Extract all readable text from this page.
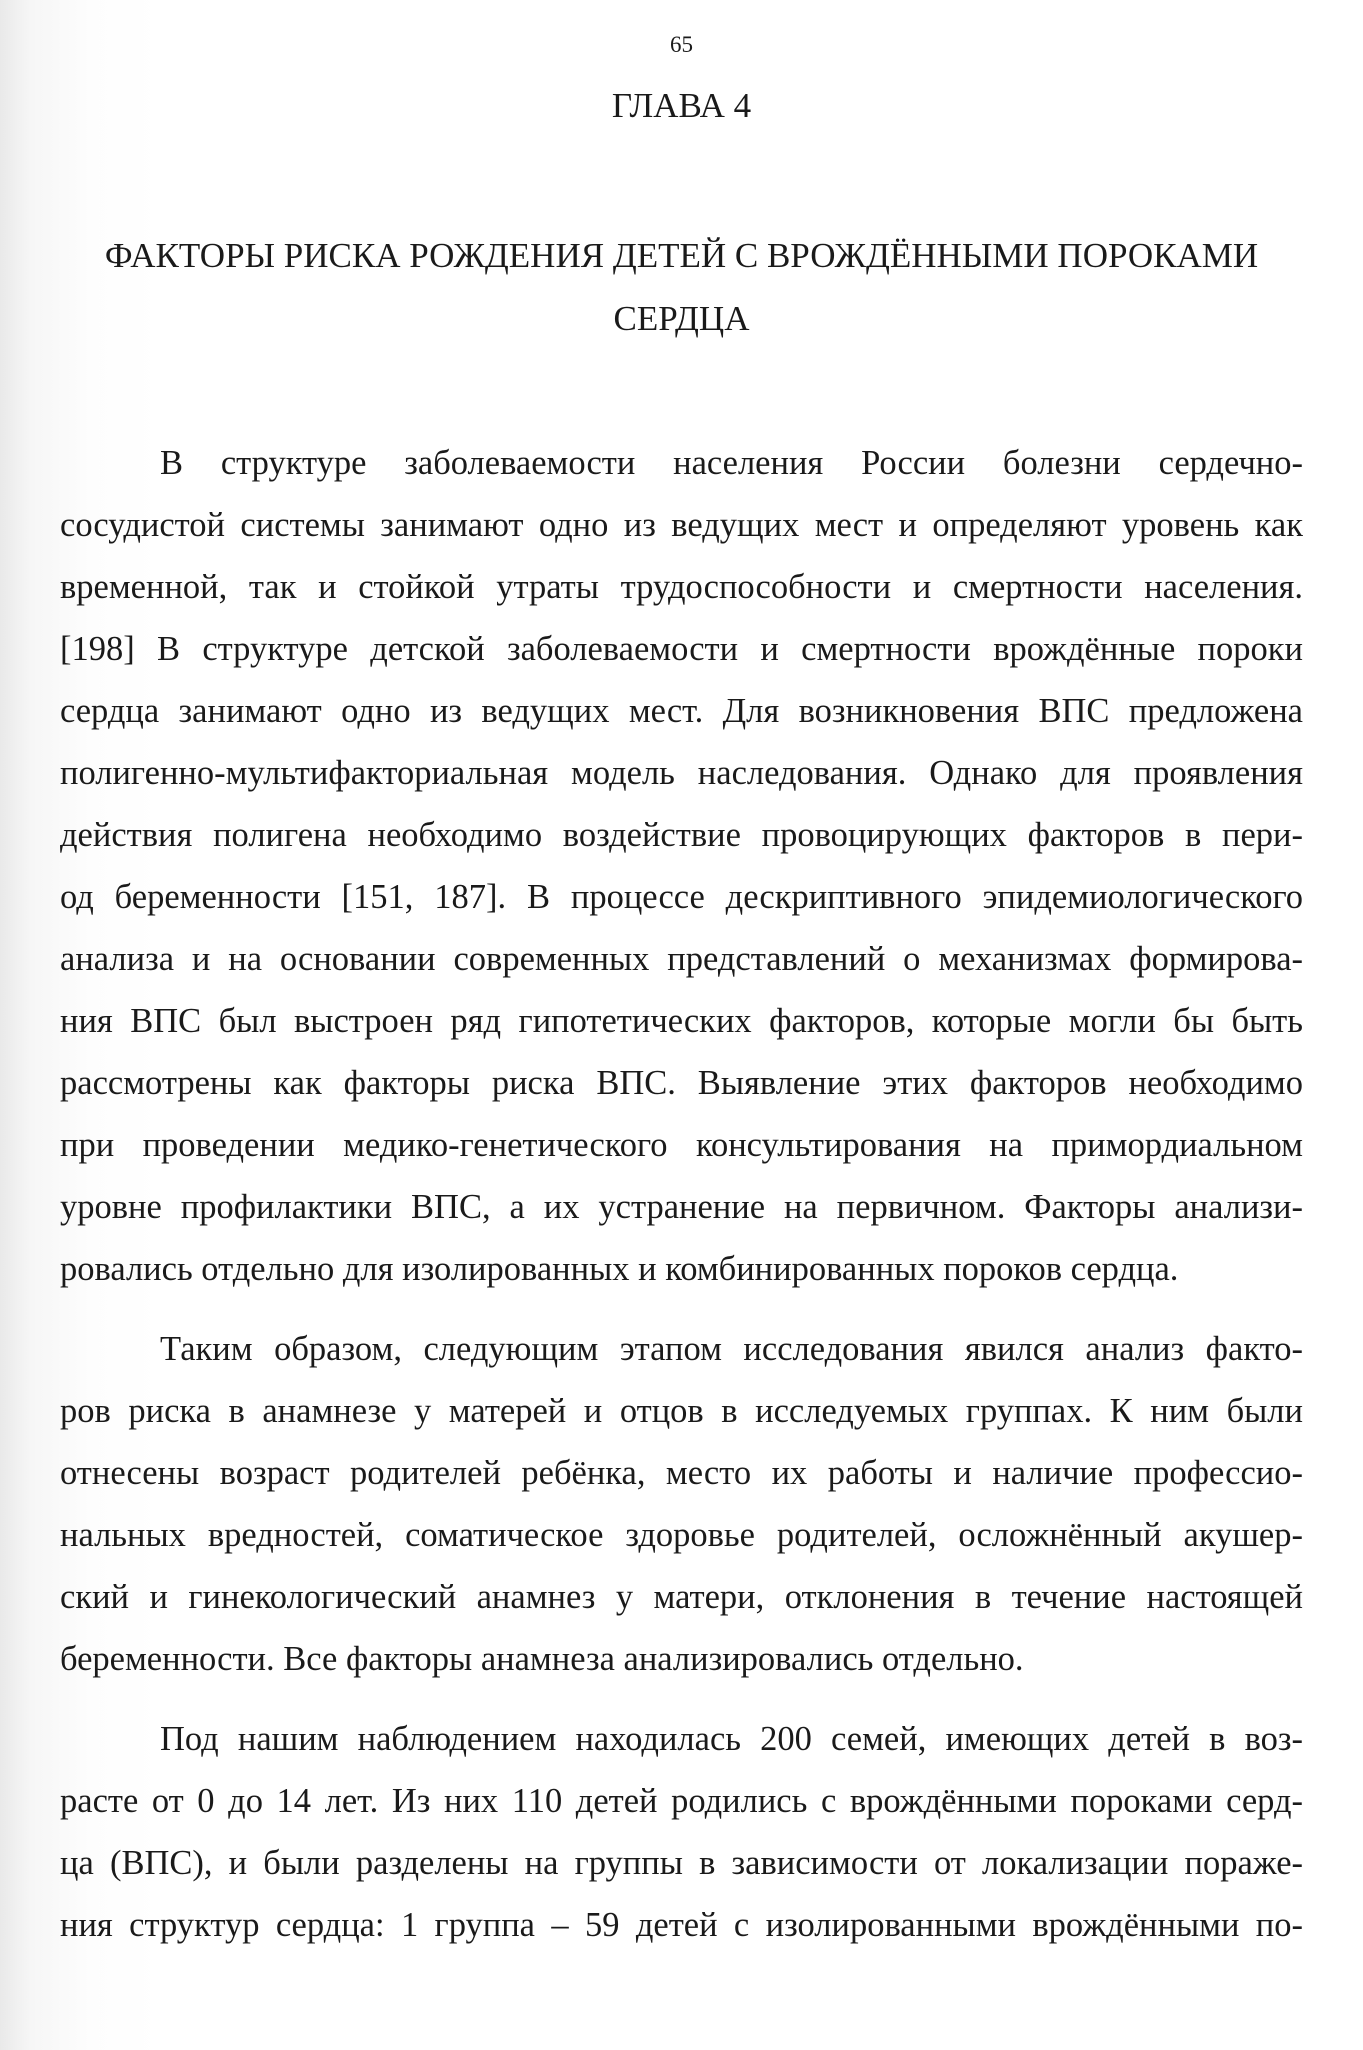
65
ГЛАВА 4
ФАКТОРЫ РИСКА РОЖДЕНИЯ ДЕТЕЙ С ВРОЖДЁННЫМИ ПОРОКАМИ
СЕРДЦА

В структуре заболеваемости населения России болезни сердечно-
сосудистой системы занимают одно из ведущих мест и определяют уровень как
временной, так и стойкой утраты трудоспособности и смертности населения.
[198] В структуре детской заболеваемости и смертности врождённые пороки
сердца занимают одно из ведущих мест. Для возникновения ВПС предложена
полигенно-мультифакториальная модель наследования. Однако для проявления
действия полигена необходимо воздействие провоцирующих факторов в пери-
од беременности [151, 187]. В процессе дескриптивного эпидемиологического
анализа и на основании современных представлений о механизмах формирова-
ния ВПС был выстроен ряд гипотетических факторов, которые могли бы быть
рассмотрены как факторы риска ВПС. Выявление этих факторов необходимо
при проведении медико-генетического консультирования на примордиальном
уровне профилактики ВПС, а их устранение на первичном. Факторы анализи-
ровались отдельно для изолированных и комбинированных пороков сердца.

Таким образом, следующим этапом исследования явился анализ факто-
ров риска в анамнезе у матерей и отцов в исследуемых группах. К ним были
отнесены возраст родителей ребёнка, место их работы и наличие профессио-
нальных вредностей, соматическое здоровье родителей, осложнённый акушер-
ский и гинекологический анамнез у матери, отклонения в течение настоящей
беременности. Все факторы анамнеза анализировались отдельно.

Под нашим наблюдением находилась 200 семей, имеющих детей в воз-
расте от 0 до 14 лет. Из них 110 детей родились с врождёнными пороками серд-
ца (ВПС), и были разделены на группы в зависимости от локализации пораже-
ния структур сердца: 1 группа – 59 детей с изолированными врождёнными по-
